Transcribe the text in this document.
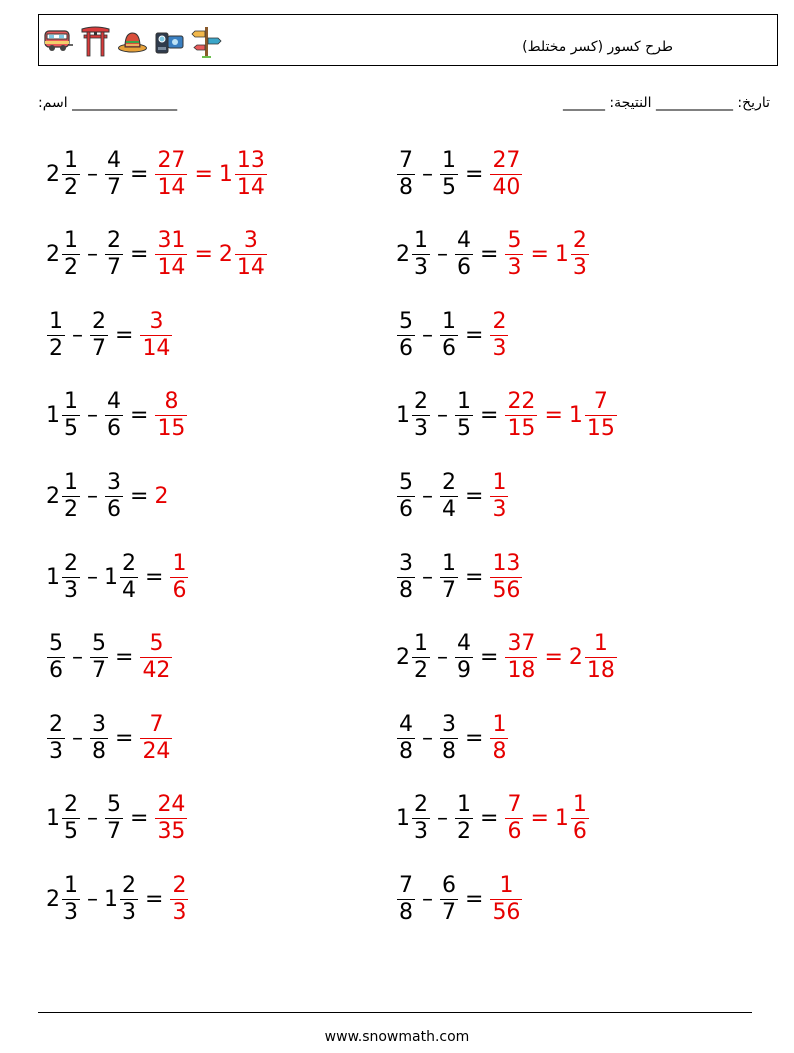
طرح کسور (کسر مختلط)
:اسم _______________	______ :تاریخ: ___________ النتيجة
$2 \frac{1}{2} - \frac{4}{7} = \frac{27}{14} = 1 \frac{13}{14}$	$\frac{7}{8} - \frac{1}{5} = \frac{27}{40}$
$2 \frac{1}{2} - \frac{2}{7} = \frac{31}{14} = 2 \frac{3}{14}$	$2 \frac{1}{3} - \frac{4}{6} = \frac{5}{3} = 1 \frac{2}{3}$
$\frac{1}{2} - \frac{2}{7} = \frac{3}{14}$	$\frac{5}{6} - \frac{1}{6} = \frac{2}{3}$
$1 \frac{1}{5} - \frac{4}{6} = \frac{8}{15}$	$1 \frac{2}{3} - \frac{1}{5} = \frac{22}{15} = 1 \frac{7}{15}$
$2 \frac{1}{2} - \frac{3}{6} = 2$	$\frac{5}{6} - \frac{2}{4} = \frac{1}{3}$
$1 \frac{2}{3} - 1 \frac{2}{4} = \frac{1}{6}$	$\frac{3}{8} - \frac{1}{7} = \frac{13}{56}$
$\frac{5}{6} - \frac{5}{7} = \frac{5}{42}$	$2 \frac{1}{2} - \frac{4}{9} = \frac{37}{18} = 2 \frac{1}{18}$
$\frac{2}{3} - \frac{3}{8} = \frac{7}{24}$	$\frac{4}{8} - \frac{3}{8} = \frac{1}{8}$
$1 \frac{2}{5} - \frac{5}{7} = \frac{24}{35}$	$1 \frac{2}{3} - \frac{1}{2} = \frac{7}{6} = 1 \frac{1}{6}$
$2 \frac{1}{3} - 1 \frac{2}{3} = \frac{2}{3}$	$\frac{7}{8} - \frac{6}{7} = \frac{1}{56}$
www.snowmath.com
